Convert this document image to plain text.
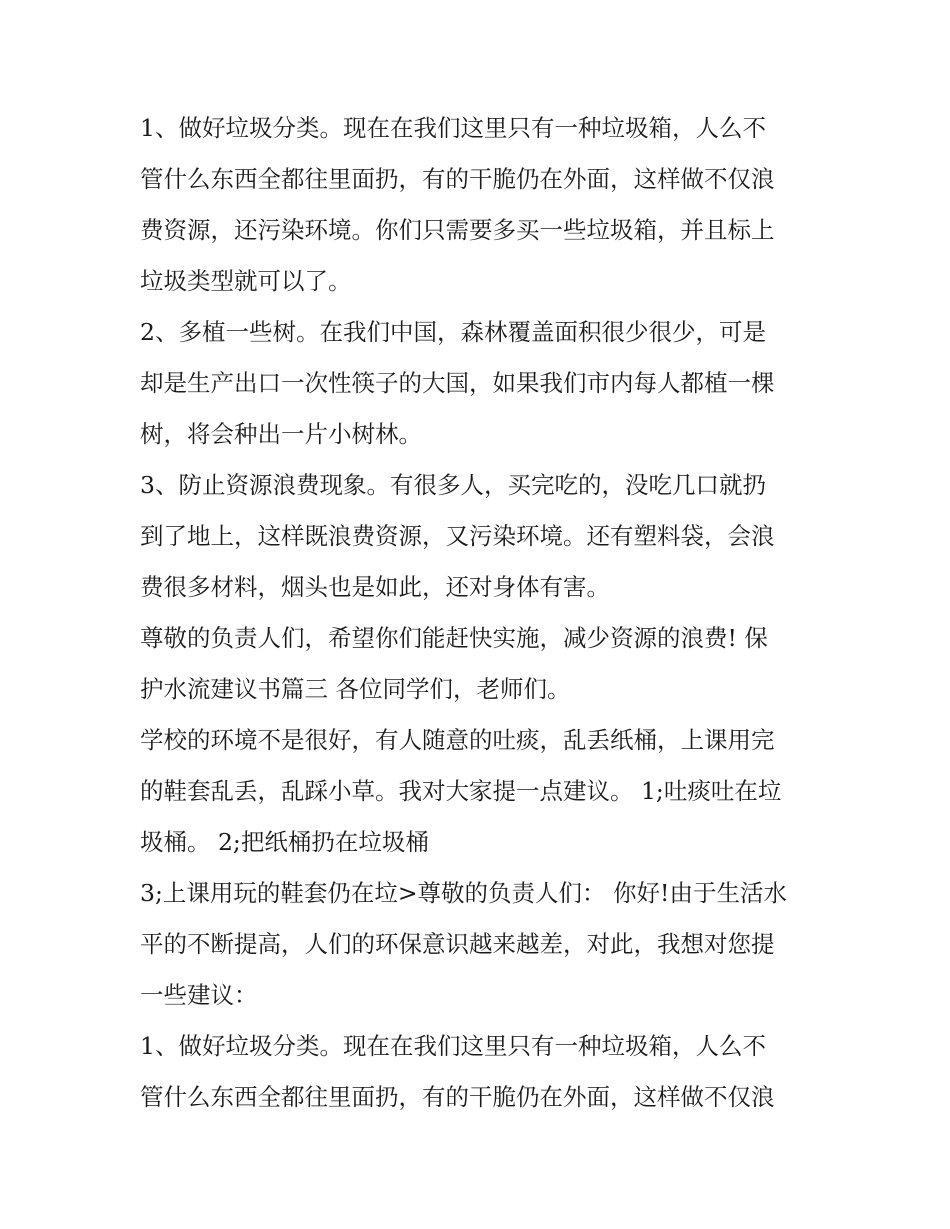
1、做好垃圾分类。现在在我们这里只有一种垃圾箱，人么不
管什么东西全都往里面扔，有的干脆仍在外面，这样做不仅浪
费资源，还污染环境。你们只需要多买一些垃圾箱，并且标上
垃圾类型就可以了。
2、多植一些树。在我们中国，森林覆盖面积很少很少，可是
却是生产出口一次性筷子的大国，如果我们市内每人都植一棵
树，将会种出一片小树林。
3、防止资源浪费现象。有很多人，买完吃的，没吃几口就扔
到了地上，这样既浪费资源，又污染环境。还有塑料袋，会浪
费很多材料，烟头也是如此，还对身体有害。
尊敬的负责人们，希望你们能赶快实施，减少资源的浪费! 保
护水流建议书篇三 各位同学们，老师们。
学校的环境不是很好，有人随意的吐痰，乱丢纸桶，上课用完
的鞋套乱丢，乱踩小草。我对大家提一点建议。 1;吐痰吐在垃
圾桶。 2;把纸桶扔在垃圾桶
3;上课用玩的鞋套仍在垃>尊敬的负责人们： 你好!由于生活水
平的不断提高，人们的环保意识越来越差，对此，我想对您提
一些建议：
1、做好垃圾分类。现在在我们这里只有一种垃圾箱，人么不
管什么东西全都往里面扔，有的干脆仍在外面，这样做不仅浪
